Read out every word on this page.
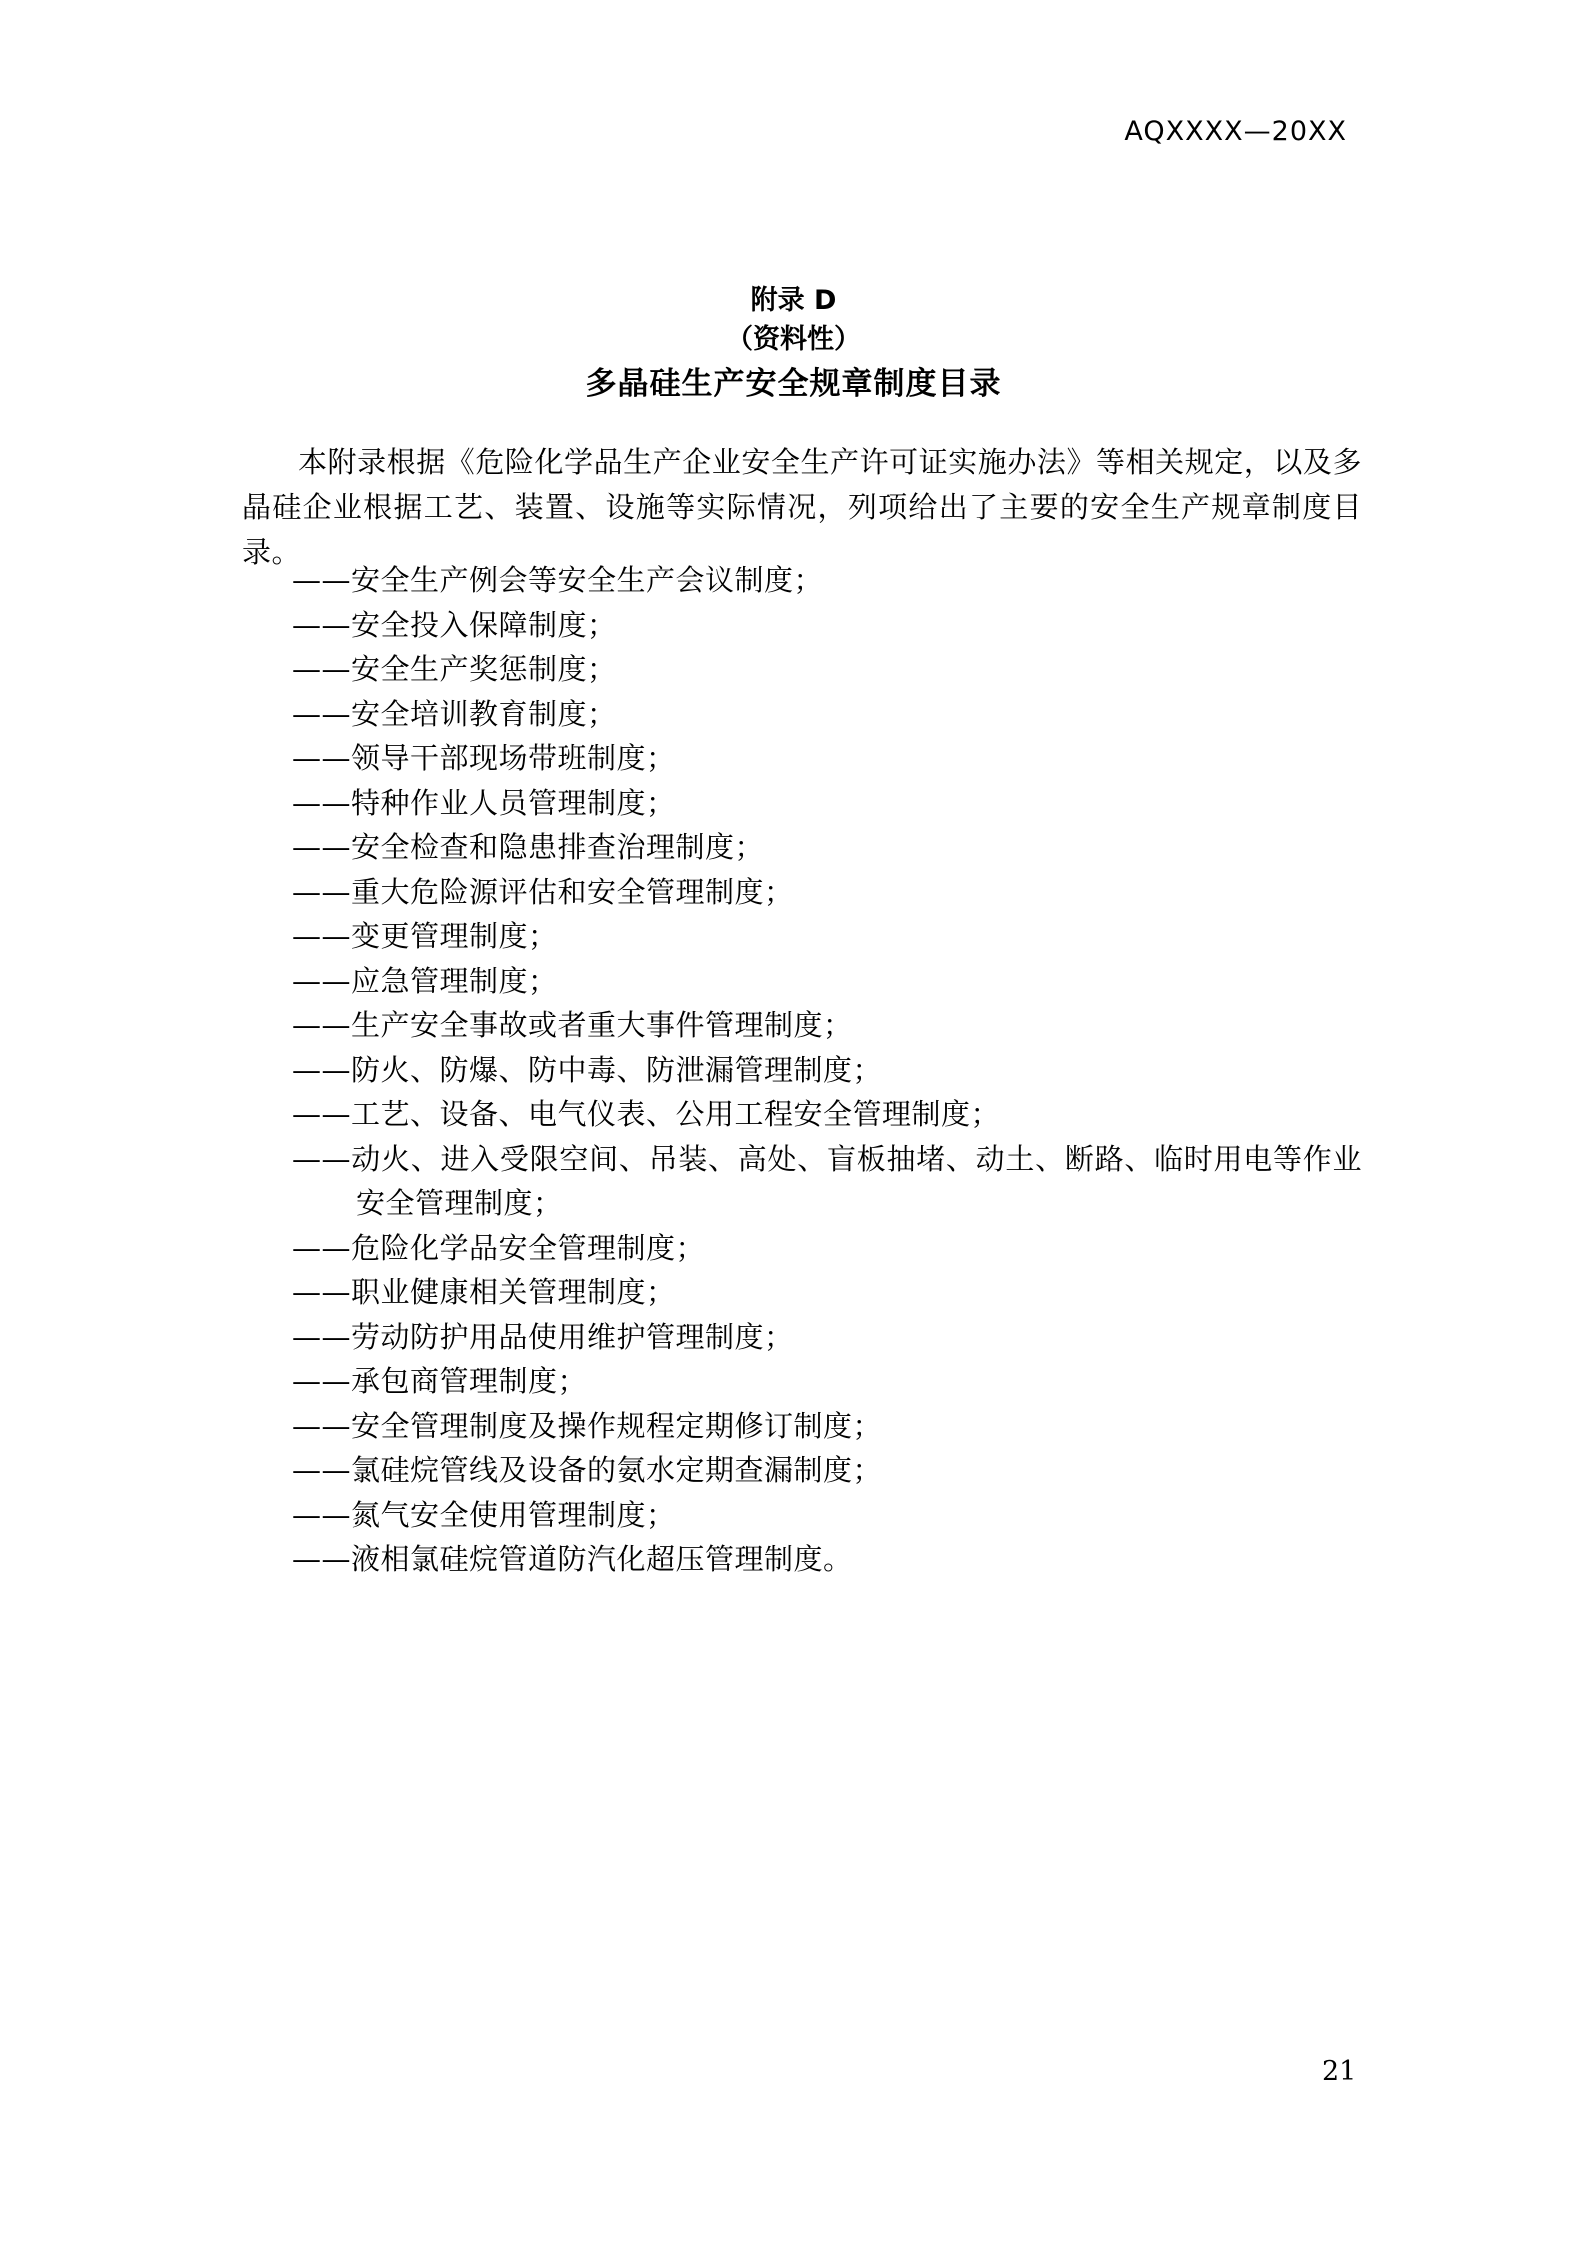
AQXXXX—20XX
附录 D
（资料性）
多晶硅生产安全规章制度目录
本附录根据《危险化学品生产企业安全生产许可证实施办法》等相关规定，以及多晶硅企业根据工艺、装置、设施等实际情况，列项给出了主要的安全生产规章制度目录。
——安全生产例会等安全生产会议制度；
——安全投入保障制度；
——安全生产奖惩制度；
——安全培训教育制度；
——领导干部现场带班制度；
——特种作业人员管理制度；
——安全检查和隐患排查治理制度；
——重大危险源评估和安全管理制度；
——变更管理制度；
——应急管理制度；
——生产安全事故或者重大事件管理制度；
——防火、防爆、防中毒、防泄漏管理制度；
——工艺、设备、电气仪表、公用工程安全管理制度；
——动火、进入受限空间、吊装、高处、盲板抽堵、动土、断路、临时用电等作业安全管理制度；
——危险化学品安全管理制度；
——职业健康相关管理制度；
——劳动防护用品使用维护管理制度；
——承包商管理制度；
——安全管理制度及操作规程定期修订制度；
——氯硅烷管线及设备的氨水定期查漏制度；
——氮气安全使用管理制度；
——液相氯硅烷管道防汽化超压管理制度。
21
